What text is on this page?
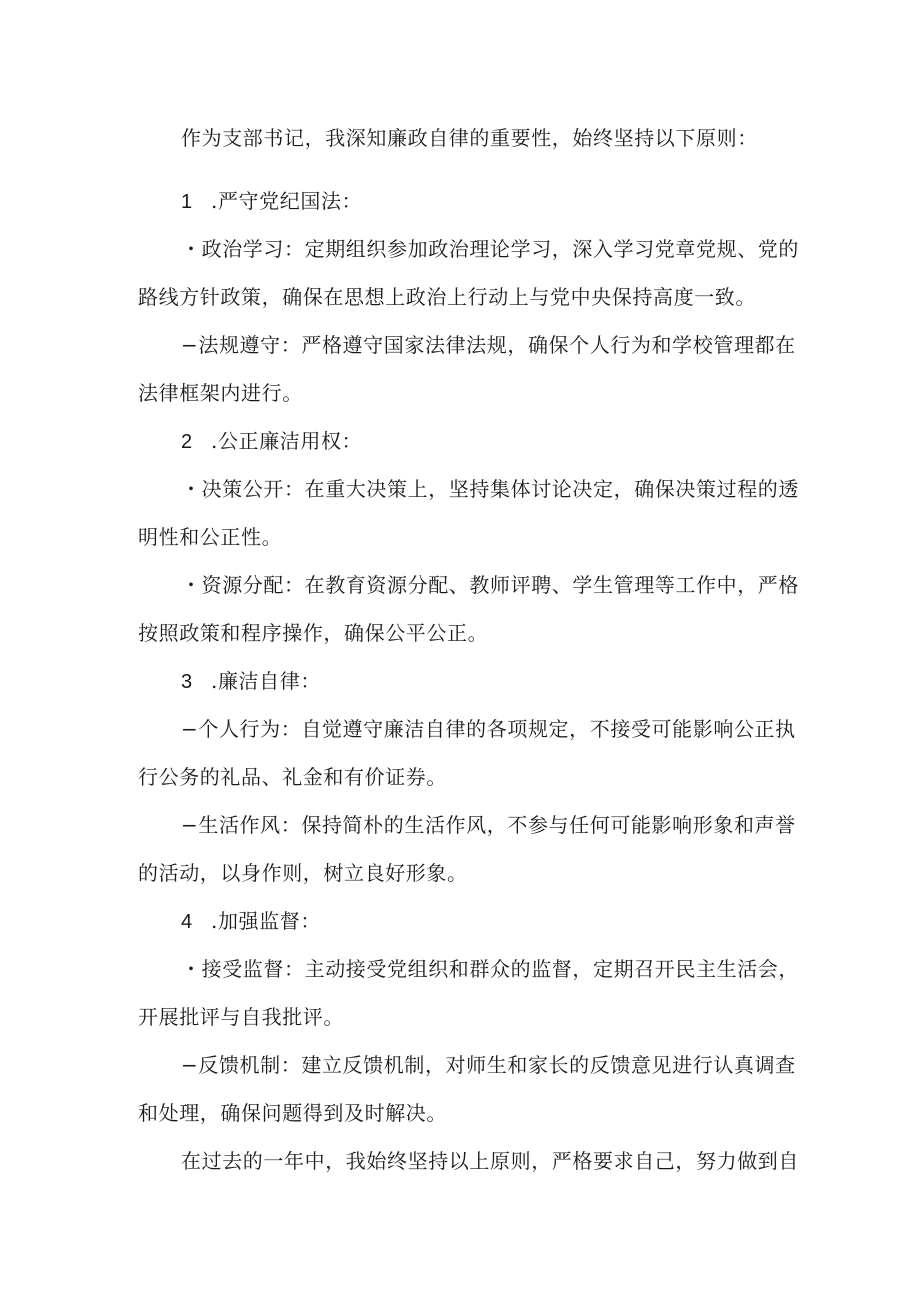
作为支部书记，我深知廉政自律的重要性，始终坚持以下原则：
1 .严守党纪国法：
・政治学习：定期组织参加政治理论学习，深入学习党章党规、党的
路线方针政策，确保在思想上政治上行动上与党中央保持高度一致。
−法规遵守：严格遵守国家法律法规，确保个人行为和学校管理都在
法律框架内进行。
2 .公正廉洁用权：
・决策公开：在重大决策上，坚持集体讨论决定，确保决策过程的透
明性和公正性。
・资源分配：在教育资源分配、教师评聘、学生管理等工作中，严格
按照政策和程序操作，确保公平公正。
3 .廉洁自律：
−个人行为：自觉遵守廉洁自律的各项规定，不接受可能影响公正执
行公务的礼品、礼金和有价证券。
−生活作风：保持简朴的生活作风，不参与任何可能影响形象和声誉
的活动，以身作则，树立良好形象。
4 .加强监督：
・接受监督：主动接受党组织和群众的监督，定期召开民主生活会，
开展批评与自我批评。
−反馈机制：建立反馈机制，对师生和家长的反馈意见进行认真调查
和处理，确保问题得到及时解决。
在过去的一年中，我始终坚持以上原则，严格要求自己，努力做到自
